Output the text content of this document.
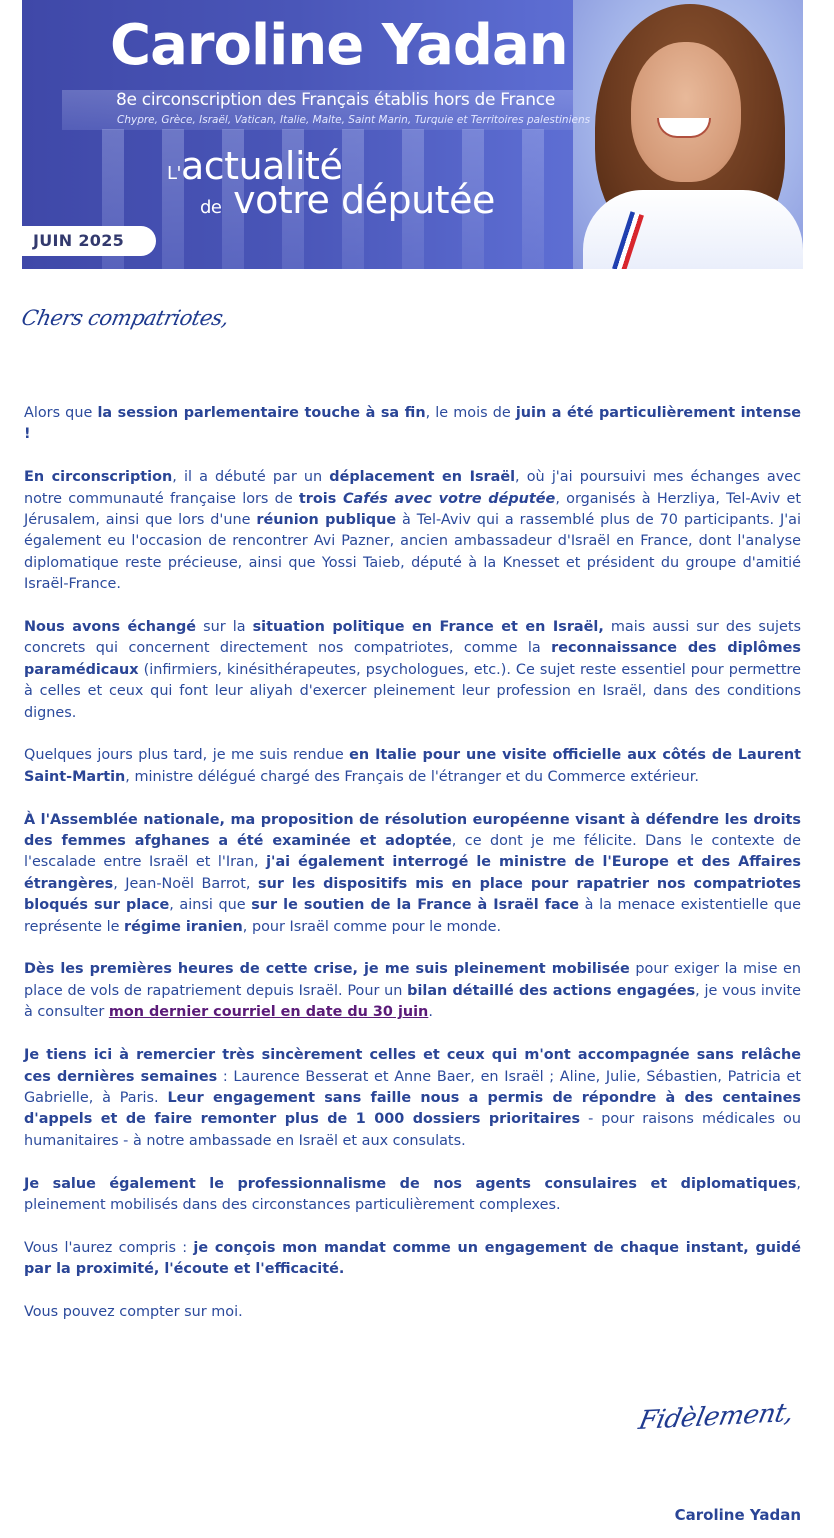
Caroline Yadan

8e circonscription des Français établis hors de France

Chypre, Grèce, Israël, Vatican, Italie, Malte, Saint Marin, Turquie et Territoires palestiniens

L'actualité
de votre députée
JUIN 2025
Chers compatriotes,

Alors que la session parlementaire touche à sa fin, le mois de juin a été particulièrement intense !

En circonscription, il a débuté par un déplacement en Israël, où j'ai poursuivi mes échanges avec notre communauté française lors de trois Cafés avec votre députée, organisés à Herzliya, Tel-Aviv et Jérusalem, ainsi que lors d'une réunion publique à Tel-Aviv qui a rassemblé plus de 70 participants. J'ai également eu l'occasion de rencontrer Avi Pazner, ancien ambassadeur d'Israël en France, dont l'analyse diplomatique reste précieuse, ainsi que Yossi Taieb, député à la Knesset et président du groupe d'amitié Israël-France.

Nous avons échangé sur la situation politique en France et en Israël, mais aussi sur des sujets concrets qui concernent directement nos compatriotes, comme la reconnaissance des diplômes paramédicaux (infirmiers, kinésithérapeutes, psychologues, etc.). Ce sujet reste essentiel pour permettre à celles et ceux qui font leur aliyah d'exercer pleinement leur profession en Israël, dans des conditions dignes.

Quelques jours plus tard, je me suis rendue en Italie pour une visite officielle aux côtés de Laurent Saint-Martin, ministre délégué chargé des Français de l'étranger et du Commerce extérieur.

À l'Assemblée nationale, ma proposition de résolution européenne visant à défendre les droits des femmes afghanes a été examinée et adoptée, ce dont je me félicite. Dans le contexte de l'escalade entre Israël et l'Iran, j'ai également interrogé le ministre de l'Europe et des Affaires étrangères, Jean-Noël Barrot, sur les dispositifs mis en place pour rapatrier nos compatriotes bloqués sur place, ainsi que sur le soutien de la France à Israël face à la menace existentielle que représente le régime iranien, pour Israël comme pour le monde.

Dès les premières heures de cette crise, je me suis pleinement mobilisée pour exiger la mise en place de vols de rapatriement depuis Israël. Pour un bilan détaillé des actions engagées, je vous invite à consulter mon dernier courriel en date du 30 juin.

Je tiens ici à remercier très sincèrement celles et ceux qui m'ont accompagnée sans relâche ces dernières semaines : Laurence Besserat et Anne Baer, en Israël ; Aline, Julie, Sébastien, Patricia et Gabrielle, à Paris. Leur engagement sans faille nous a permis de répondre à des centaines d'appels et de faire remonter plus de 1 000 dossiers prioritaires - pour raisons médicales ou humanitaires - à notre ambassade en Israël et aux consulats.

Je salue également le professionnalisme de nos agents consulaires et diplomatiques, pleinement mobilisés dans des circonstances particulièrement complexes.

Vous l'aurez compris : je conçois mon mandat comme un engagement de chaque instant, guidé par la proximité, l'écoute et l'efficacité.

Vous pouvez compter sur moi.

Fidèlement,
Caroline Yadan
